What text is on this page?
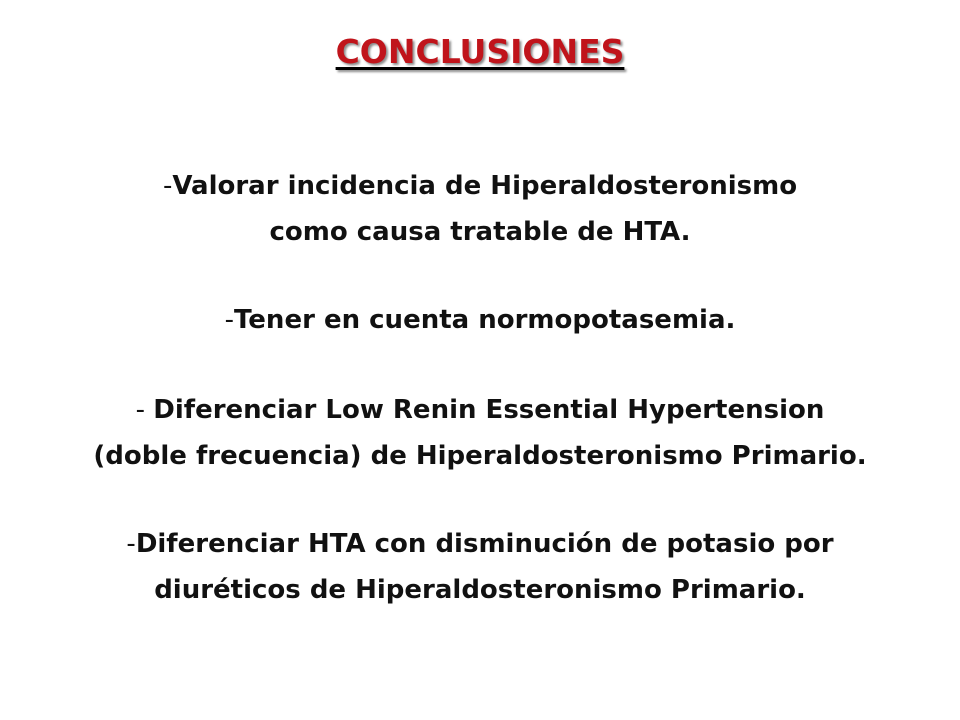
CONCLUSIONES
-Valorar incidencia de Hiperaldosteronismo
como causa tratable de HTA.
-Tener en cuenta normopotasemia.
- Diferenciar Low Renin Essential Hypertension
(doble frecuencia) de Hiperaldosteronismo Primario.
-Diferenciar HTA con disminución de potasio por
diuréticos de Hiperaldosteronismo Primario.
